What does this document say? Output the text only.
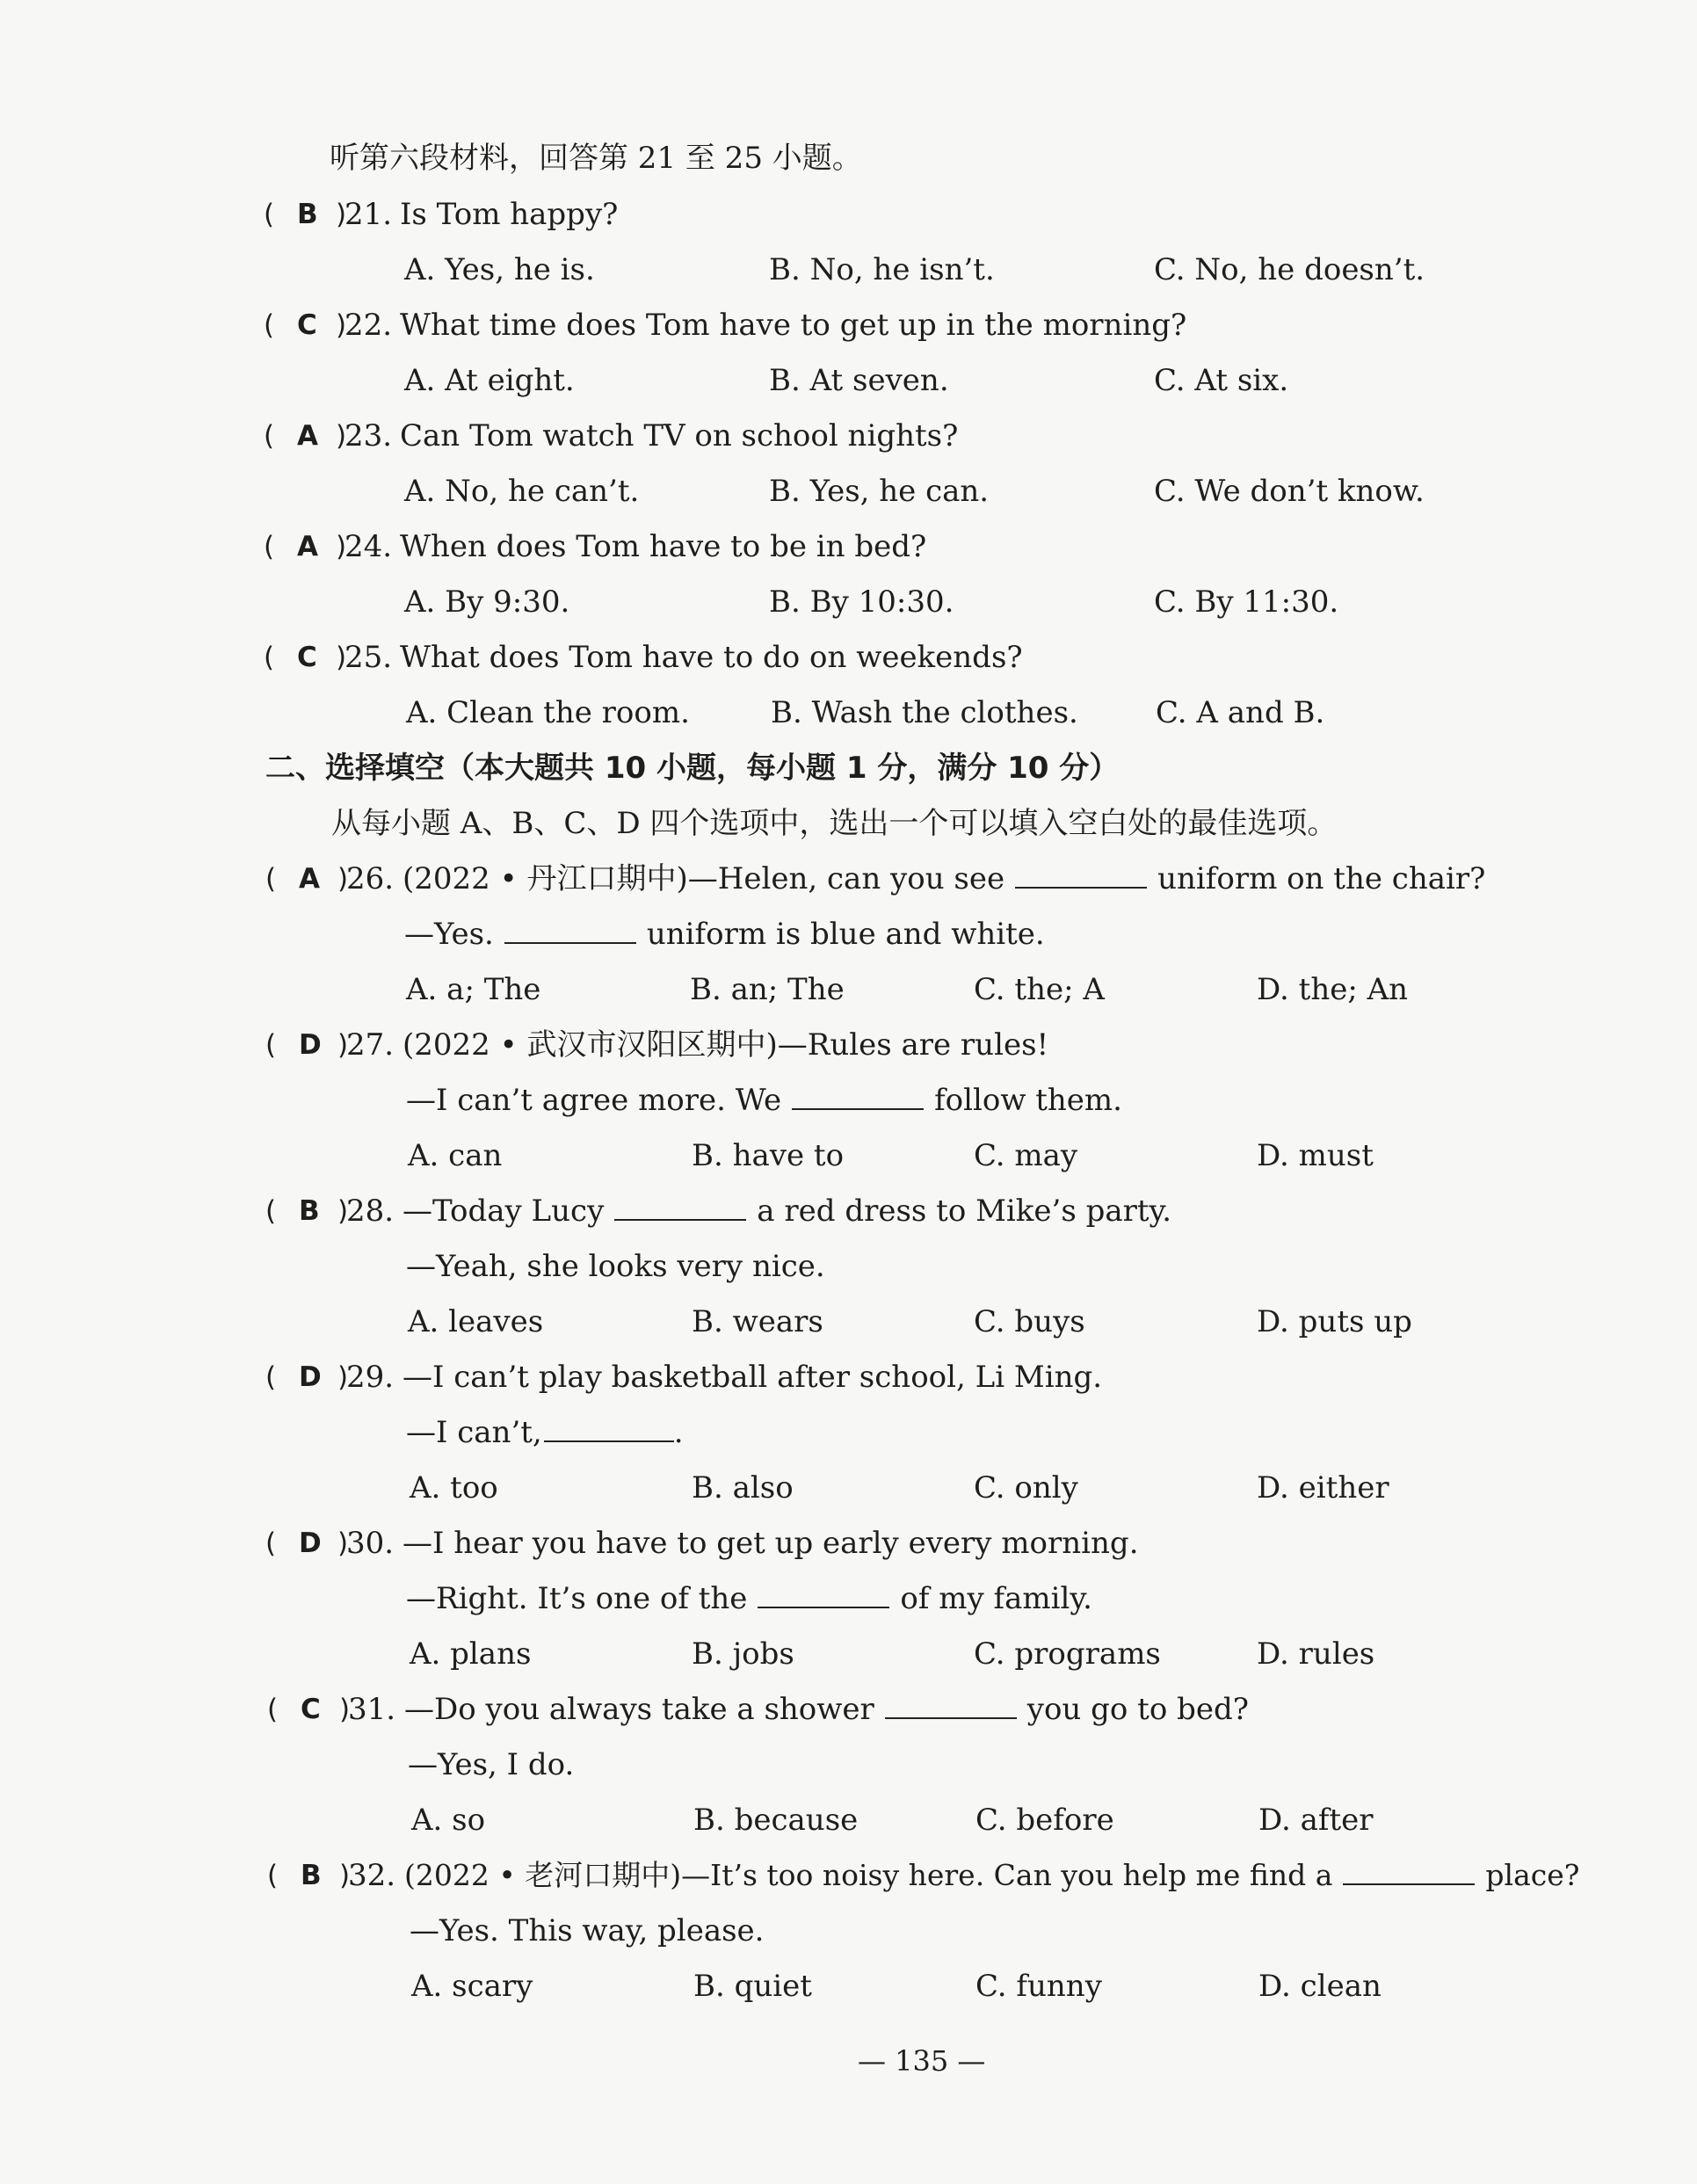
听第六段材料，回答第 21 至 25 小题。
( B )
21. Is Tom happy?
A. Yes, he is.	B. No, he isn’t.	C. No, he doesn’t.
( C )
22. What time does Tom have to get up in the morning?
A. At eight.	B. At seven.	C. At six.
( A )
23. Can Tom watch TV on school nights?
A. No, he can’t.	B. Yes, he can.	C. We don’t know.
( A )
24. When does Tom have to be in bed?
A. By 9:30.	B. By 10:30.	C. By 11:30.
( C )
25. What does Tom have to do on weekends?
A. Clean the room.	B. Wash the clothes.	C. A and B.
二、选择填空（本大题共 10 小题，每小题 1 分，满分 10 分）
从每小题 A、B、C、D 四个选项中，选出一个可以填入空白处的最佳选项。
( A )
26. (2022 • 丹江口期中)—Helen, can you see	uniform on the chair?
—Yes.	uniform is blue and white.
A. a; The	B. an; The	C. the; A	D. the; An
( D )
27. (2022 • 武汉市汉阳区期中)—Rules are rules!
—I can’t agree more. We	follow them.
A. can	B. have to	C. may	D. must
( B )
28. —Today Lucy	a red dress to Mike’s party.
—Yeah, she looks very nice.
A. leaves	B. wears	C. buys	D. puts up
( D )
29. —I can’t play basketball after school, Li Ming.
—I can’t,	.
A. too	B. also	C. only	D. either
( D )
30. —I hear you have to get up early every morning.
—Right. It’s one of the	of my family.
A. plans	B. jobs	C. programs	D. rules
( C )
31. —Do you always take a shower	you go to bed?
—Yes, I do.
A. so	B. because	C. before	D. after
( B )
32. (2022 • 老河口期中)—It’s too noisy here. Can you help me find a	place?
—Yes. This way, please.
A. scary	B. quiet	C. funny	D. clean
— 135 —
